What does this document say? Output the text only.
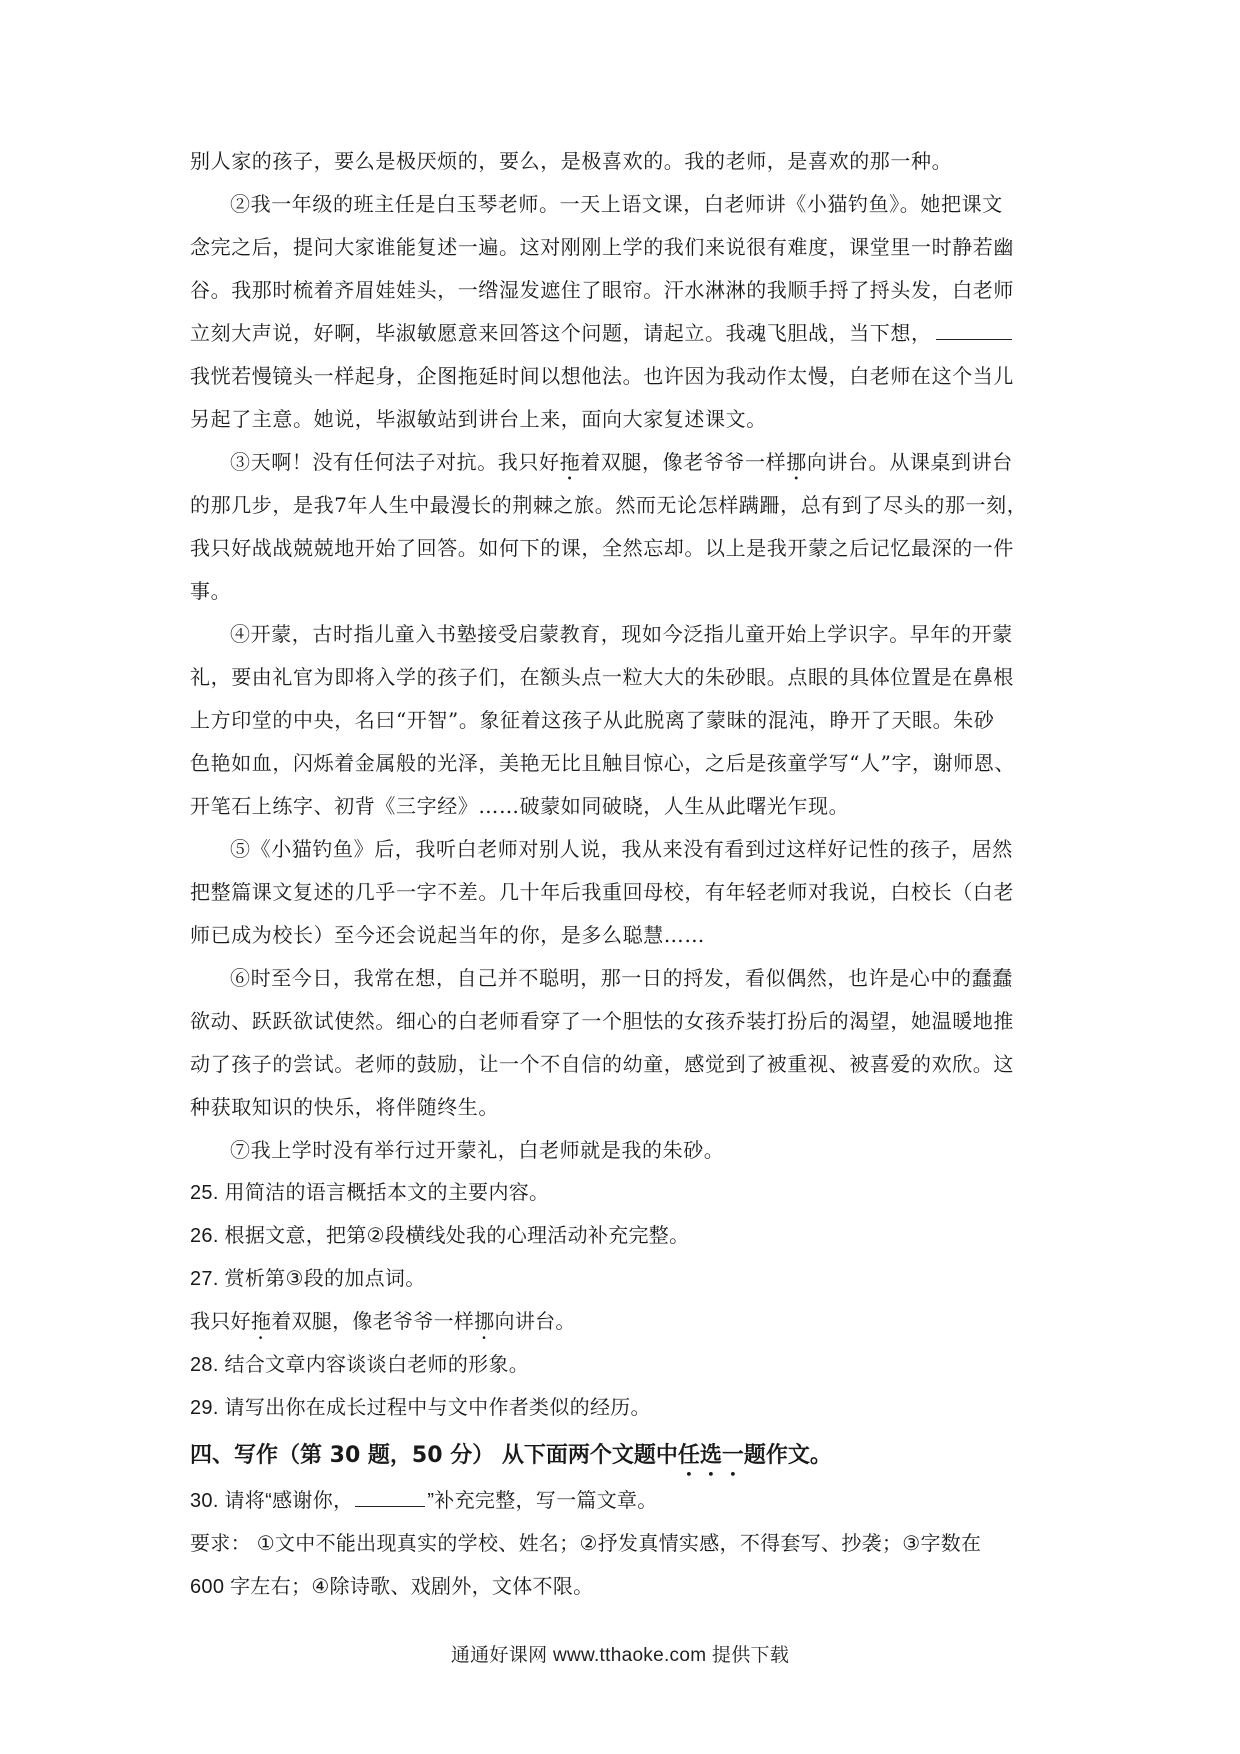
别人家的孩子，要么是极厌烦的，要么，是极喜欢的。我的老师，是喜欢的那一种。
②我一年级的班主任是白玉琴老师。一天上语文课，白老师讲《小猫钓鱼》。她把课文
念完之后，提问大家谁能复述一遍。这对刚刚上学的我们来说很有难度，课堂里一时静若幽
谷。我那时梳着齐眉娃娃头，一绺湿发遮住了眼帘。汗水淋淋的我顺手捋了捋头发，白老师
立刻大声说，好啊，毕淑敏愿意来回答这个问题，请起立。我魂飞胆战，当下想，
我恍若慢镜头一样起身，企图拖延时间以想他法。也许因为我动作太慢，白老师在这个当儿
另起了主意。她说，毕淑敏站到讲台上来，面向大家复述课文。
③天啊！没有任何法子对抗。我只好拖着双腿，像老爷爷一样挪向讲台。从课桌到讲台
的那几步，是我7年人生中最漫长的荆棘之旅。然而无论怎样蹒跚，总有到了尽头的那一刻，
我只好战战兢兢地开始了回答。如何下的课，全然忘却。以上是我开蒙之后记忆最深的一件
事。
④开蒙，古时指儿童入书塾接受启蒙教育，现如今泛指儿童开始上学识字。早年的开蒙
礼，要由礼官为即将入学的孩子们，在额头点一粒大大的朱砂眼。点眼的具体位置是在鼻根
上方印堂的中央，名曰“开智”。象征着这孩子从此脱离了蒙昧的混沌，睁开了天眼。朱砂
色艳如血，闪烁着金属般的光泽，美艳无比且触目惊心，之后是孩童学写“人”字，谢师恩、
开笔石上练字、初背《三字经》……破蒙如同破晓，人生从此曙光乍现。
⑤《小猫钓鱼》后，我听白老师对别人说，我从来没有看到过这样好记性的孩子，居然
把整篇课文复述的几乎一字不差。几十年后我重回母校，有年轻老师对我说，白校长（白老
师已成为校长）至今还会说起当年的你，是多么聪慧……
⑥时至今日，我常在想，自己并不聪明，那一日的捋发，看似偶然，也许是心中的蠢蠢
欲动、跃跃欲试使然。细心的白老师看穿了一个胆怯的女孩乔装打扮后的渴望，她温暖地推
动了孩子的尝试。老师的鼓励，让一个不自信的幼童，感觉到了被重视、被喜爱的欢欣。这
种获取知识的快乐，将伴随终生。
⑦我上学时没有举行过开蒙礼，白老师就是我的朱砂。
25. 用简洁的语言概括本文的主要内容。
26. 根据文意，把第②段横线处我的心理活动补充完整。
27. 赏析第③段的加点词。
我只好拖着双腿，像老爷爷一样挪向讲台。
28. 结合文章内容谈谈白老师的形象。
29. 请写出你在成长过程中与文中作者类似的经历。
四、写作（第 30 题，50 分） 从下面两个文题中任选一题作文。
30. 请将“感谢你，	”补充完整，写一篇文章。
要求： ①文中不能出现真实的学校、姓名；②抒发真情实感，不得套写、抄袭；③字数在
600 字左右；④除诗歌、戏剧外，文体不限。
通通好课网 www.tthaoke.com 提供下载
